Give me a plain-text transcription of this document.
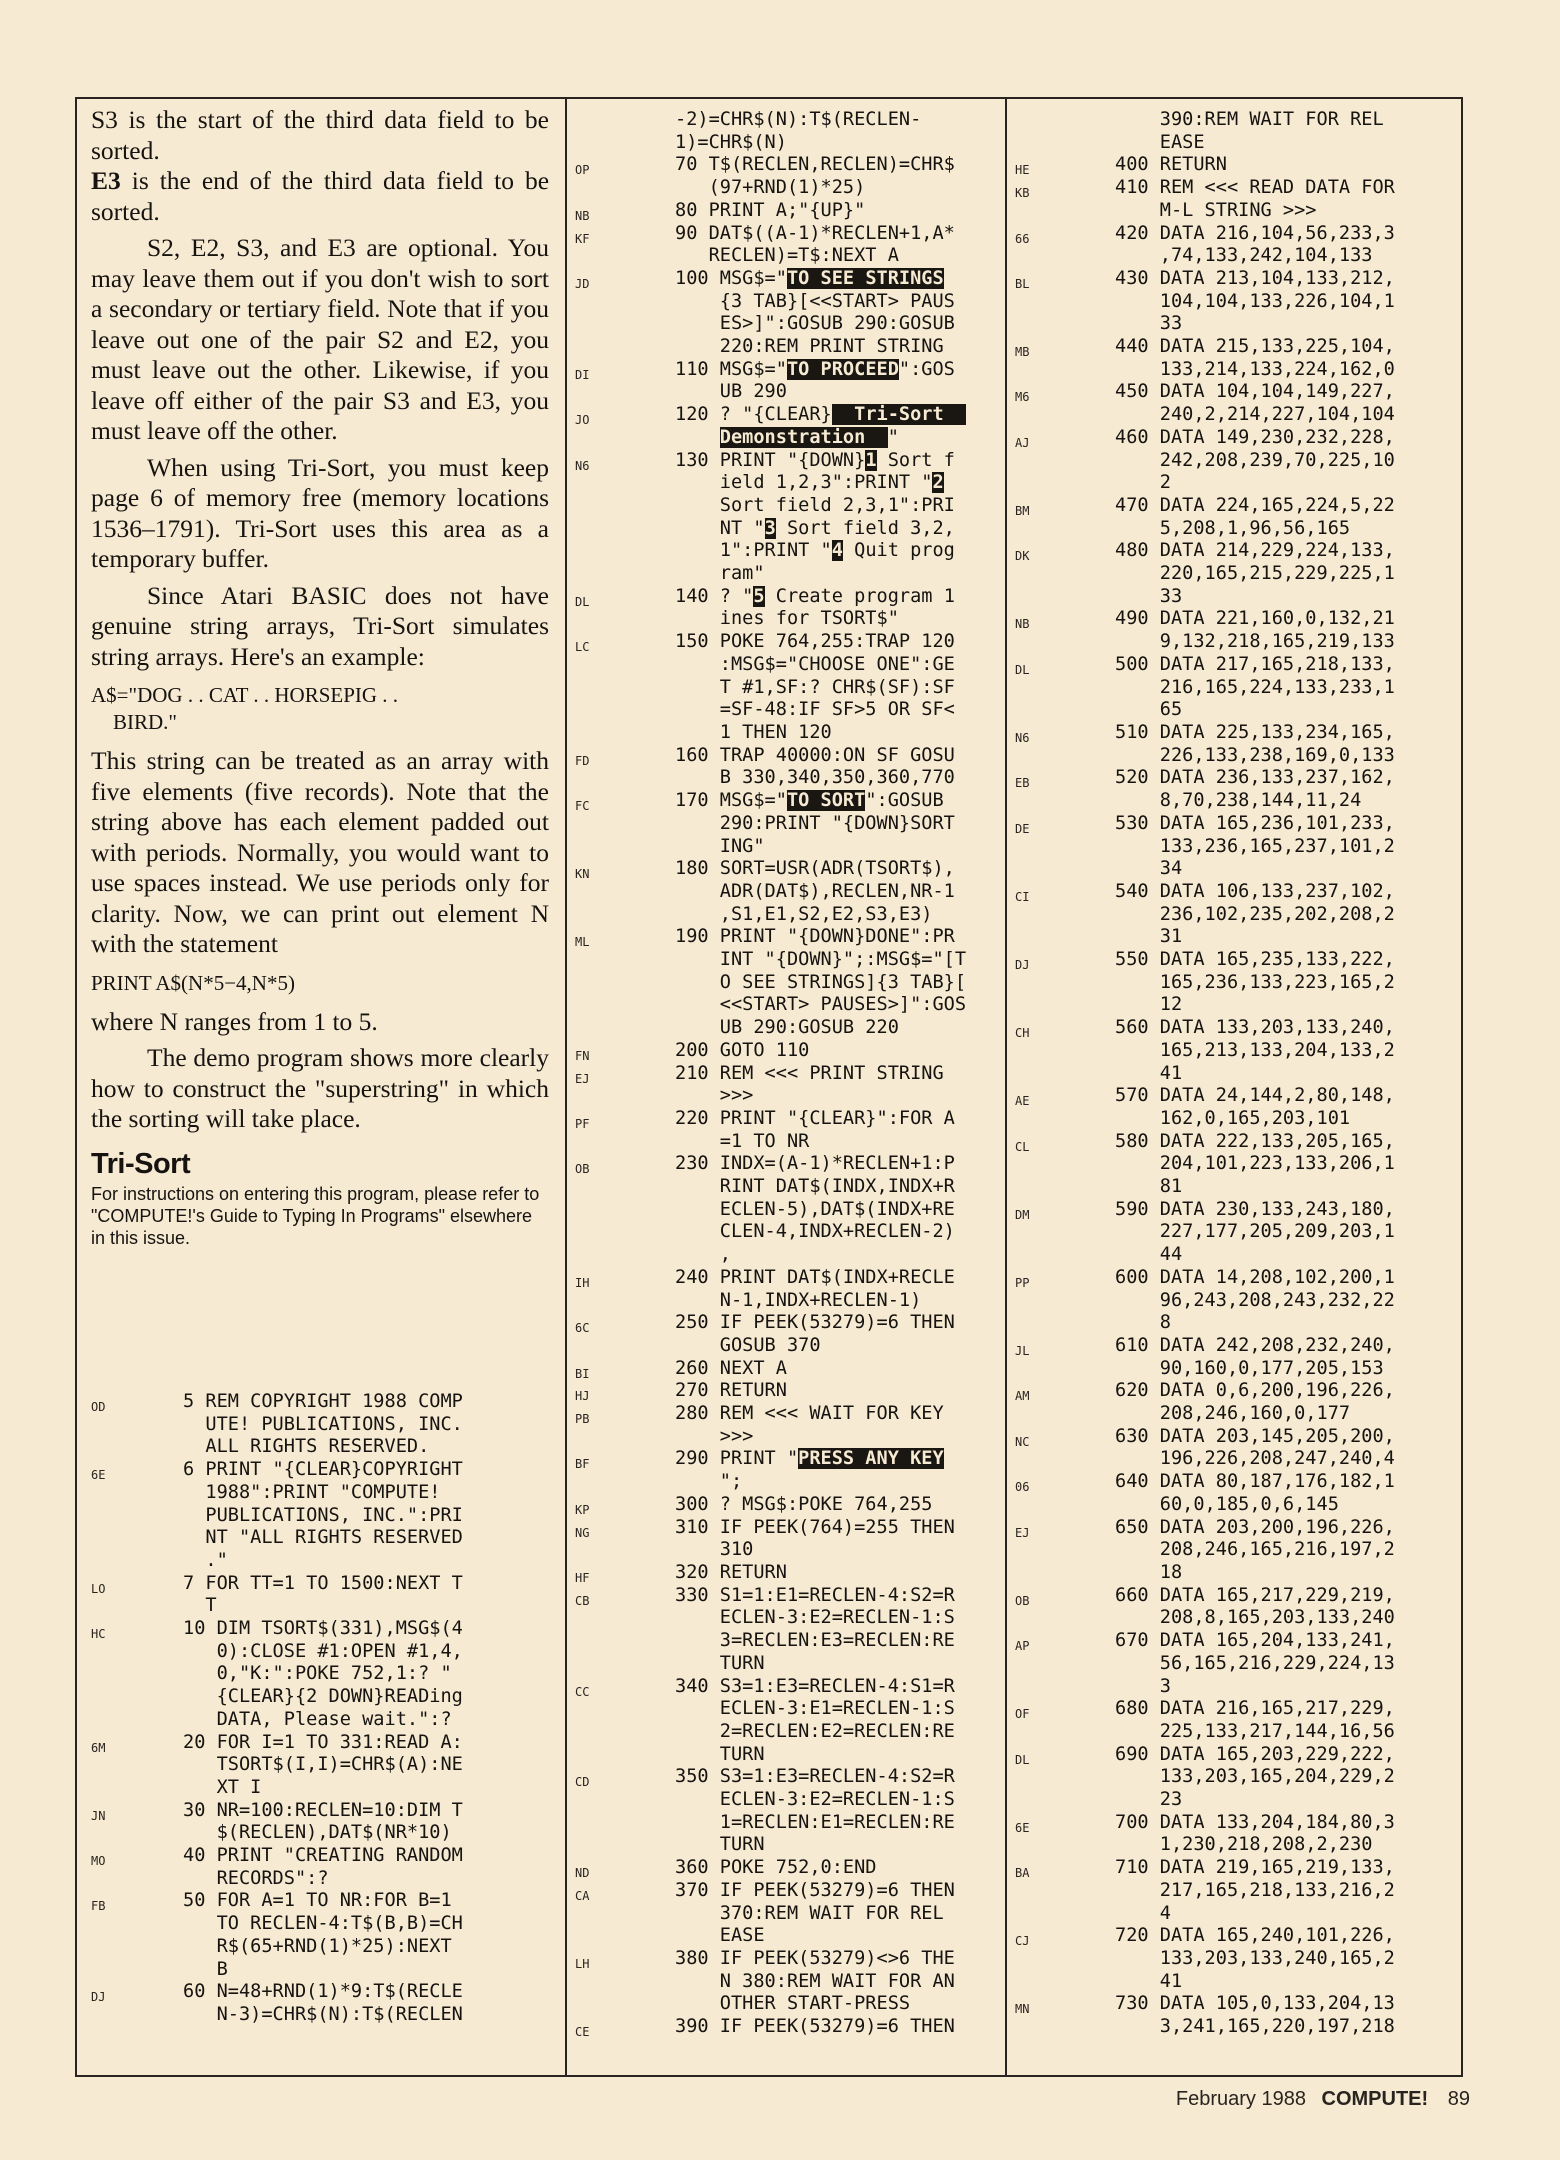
S3 is the start of the third data field to be sorted.

E3 is the end of the third data field to be sorted.

S2, E2, S3, and E3 are optional. You may leave them out if you don't wish to sort a secondary or tertiary field. Note that if you leave out one of the pair S2 and E2, you must leave out the other. Likewise, if you leave off either of the pair S3 and E3, you must leave off the other.

When using Tri-Sort, you must keep page 6 of memory free (memory locations 1536–1791). Tri-Sort uses this area as a temporary buffer.

Since Atari BASIC does not have genuine string arrays, Tri-Sort simulates string arrays. Here's an example:

A$="DOG . . CAT . . HORSEPIG . .
BIRD."

This string can be treated as an array with five elements (five records). Note that the string above has each element padded out with periods. Normally, you would want to use spaces instead. We use periods only for clarity. Now, we can print out element N with the statement

PRINT A$(N*5−4,N*5)

where N ranges from 1 to 5.

The demo program shows more clearly how to construct the "superstring" in which the sorting will take place.

Tri-Sort
For instructions on entering this program, please refer to "COMPUTE!'s Guide to Typing In Programs" elsewhere in this issue.
OD	5 REM COPYRIGHT 1988 COMP
UTE! PUBLICATIONS, INC.
ALL RIGHTS RESERVED.
6E	6 PRINT "{CLEAR}COPYRIGHT
1988":PRINT "COMPUTE!
PUBLICATIONS, INC.":PRI
NT "ALL RIGHTS RESERVED
."
LO	7 FOR TT=1 TO 1500:NEXT T
T
HC	10 DIM TSORT$(331),MSG$(4
0):CLOSE #1:OPEN #1,4,
0,"K:":POKE 752,1:? "
{CLEAR}{2 DOWN}READing
DATA, Please wait.":?
6M	20 FOR I=1 TO 331:READ A:
TSORT$(I,I)=CHR$(A):NE
XT I
JN	30 NR=100:RECLEN=10:DIM T
$(RECLEN),DAT$(NR*10)
MO	40 PRINT "CREATING RANDOM
RECORDS":?
FB	50 FOR A=1 TO NR:FOR B=1
TO RECLEN-4:T$(B,B)=CH
R$(65+RND(1)*25):NEXT
B
DJ	60 N=48+RND(1)*9:T$(RECLE
N-3)=CHR$(N):T$(RECLEN
-2)=CHR$(N):T$(RECLEN-
1)=CHR$(N)
OP	70 T$(RECLEN,RECLEN)=CHR$
(97+RND(1)*25)
NB	80 PRINT A;"{UP}"
KF	90 DAT$((A-1)*RECLEN+1,A*
RECLEN)=T$:NEXT A
JD	100 MSG$="TO SEE STRINGS
{3 TAB}[<<START> PAUS
ES>]":GOSUB 290:GOSUB
220:REM PRINT STRING
DI	110 MSG$="TO PROCEED":GOS
UB 290
JO	120 ? "{CLEAR}  Tri-Sort
Demonstration  "
N6	130 PRINT "{DOWN}1 Sort f
ield 1,2,3":PRINT "2
Sort field 2,3,1":PRI
NT "3 Sort field 3,2,
1":PRINT "4 Quit prog
ram"
DL	140 ? "5 Create program 1
ines for TSORT$"
LC	150 POKE 764,255:TRAP 120
:MSG$="CHOOSE ONE":GE
T #1,SF:? CHR$(SF):SF
=SF-48:IF SF>5 OR SF<
1 THEN 120
FD	160 TRAP 40000:ON SF GOSU
B 330,340,350,360,770
FC	170 MSG$="TO SORT":GOSUB
290:PRINT "{DOWN}SORT
ING"
KN	180 SORT=USR(ADR(TSORT$),
ADR(DAT$),RECLEN,NR-1
,S1,E1,S2,E2,S3,E3)
ML	190 PRINT "{DOWN}DONE":PR
INT "{DOWN}";:MSG$="[T
O SEE STRINGS]{3 TAB}[
<<START> PAUSES>]":GOS
UB 290:GOSUB 220
FN	200 GOTO 110
EJ	210 REM <<< PRINT STRING
>>>
PF	220 PRINT "{CLEAR}":FOR A
=1 TO NR
OB	230 INDX=(A-1)*RECLEN+1:P
RINT DAT$(INDX,INDX+R
ECLEN-5),DAT$(INDX+RE
CLEN-4,INDX+RECLEN-2)
,
IH	240 PRINT DAT$(INDX+RECLE
N-1,INDX+RECLEN-1)
6C	250 IF PEEK(53279)=6 THEN
GOSUB 370
BI	260 NEXT A
HJ	270 RETURN
PB	280 REM <<< WAIT FOR KEY
>>>
BF	290 PRINT "PRESS ANY KEY
";
KP	300 ? MSG$:POKE 764,255
NG	310 IF PEEK(764)=255 THEN
310
HF	320 RETURN
CB	330 S1=1:E1=RECLEN-4:S2=R
ECLEN-3:E2=RECLEN-1:S
3=RECLEN:E3=RECLEN:RE
TURN
CC	340 S3=1:E3=RECLEN-4:S1=R
ECLEN-3:E1=RECLEN-1:S
2=RECLEN:E2=RECLEN:RE
TURN
CD	350 S3=1:E3=RECLEN-4:S2=R
ECLEN-3:E2=RECLEN-1:S
1=RECLEN:E1=RECLEN:RE
TURN
ND	360 POKE 752,0:END
CA	370 IF PEEK(53279)=6 THEN
370:REM WAIT FOR REL
EASE
LH	380 IF PEEK(53279)<>6 THE
N 380:REM WAIT FOR AN
OTHER START-PRESS
CE	390 IF PEEK(53279)=6 THEN
390:REM WAIT FOR REL
EASE
HE	400 RETURN
KB	410 REM <<< READ DATA FOR
M-L STRING >>>
66	420 DATA 216,104,56,233,3
,74,133,242,104,133
BL	430 DATA 213,104,133,212,
104,104,133,226,104,1
33
MB	440 DATA 215,133,225,104,
133,214,133,224,162,0
M6	450 DATA 104,104,149,227,
240,2,214,227,104,104
AJ	460 DATA 149,230,232,228,
242,208,239,70,225,10
2
BM	470 DATA 224,165,224,5,22
5,208,1,96,56,165
DK	480 DATA 214,229,224,133,
220,165,215,229,225,1
33
NB	490 DATA 221,160,0,132,21
9,132,218,165,219,133
DL	500 DATA 217,165,218,133,
216,165,224,133,233,1
65
N6	510 DATA 225,133,234,165,
226,133,238,169,0,133
EB	520 DATA 236,133,237,162,
8,70,238,144,11,24
DE	530 DATA 165,236,101,233,
133,236,165,237,101,2
34
CI	540 DATA 106,133,237,102,
236,102,235,202,208,2
31
DJ	550 DATA 165,235,133,222,
165,236,133,223,165,2
12
CH	560 DATA 133,203,133,240,
165,213,133,204,133,2
41
AE	570 DATA 24,144,2,80,148,
162,0,165,203,101
CL	580 DATA 222,133,205,165,
204,101,223,133,206,1
81
DM	590 DATA 230,133,243,180,
227,177,205,209,203,1
44
PP	600 DATA 14,208,102,200,1
96,243,208,243,232,22
8
JL	610 DATA 242,208,232,240,
90,160,0,177,205,153
AM	620 DATA 0,6,200,196,226,
208,246,160,0,177
NC	630 DATA 203,145,205,200,
196,226,208,247,240,4
06	640 DATA 80,187,176,182,1
60,0,185,0,6,145
EJ	650 DATA 203,200,196,226,
208,246,165,216,197,2
18
OB	660 DATA 165,217,229,219,
208,8,165,203,133,240
AP	670 DATA 165,204,133,241,
56,165,216,229,224,13
3
OF	680 DATA 216,165,217,229,
225,133,217,144,16,56
DL	690 DATA 165,203,229,222,
133,203,165,204,229,2
23
6E	700 DATA 133,204,184,80,3
1,230,218,208,2,230
BA	710 DATA 219,165,219,133,
217,165,218,133,216,2
4
CJ	720 DATA 165,240,101,226,
133,203,133,240,165,2
41
MN	730 DATA 105,0,133,204,13
3,241,165,220,197,218
February 1988 COMPUTE! 89
